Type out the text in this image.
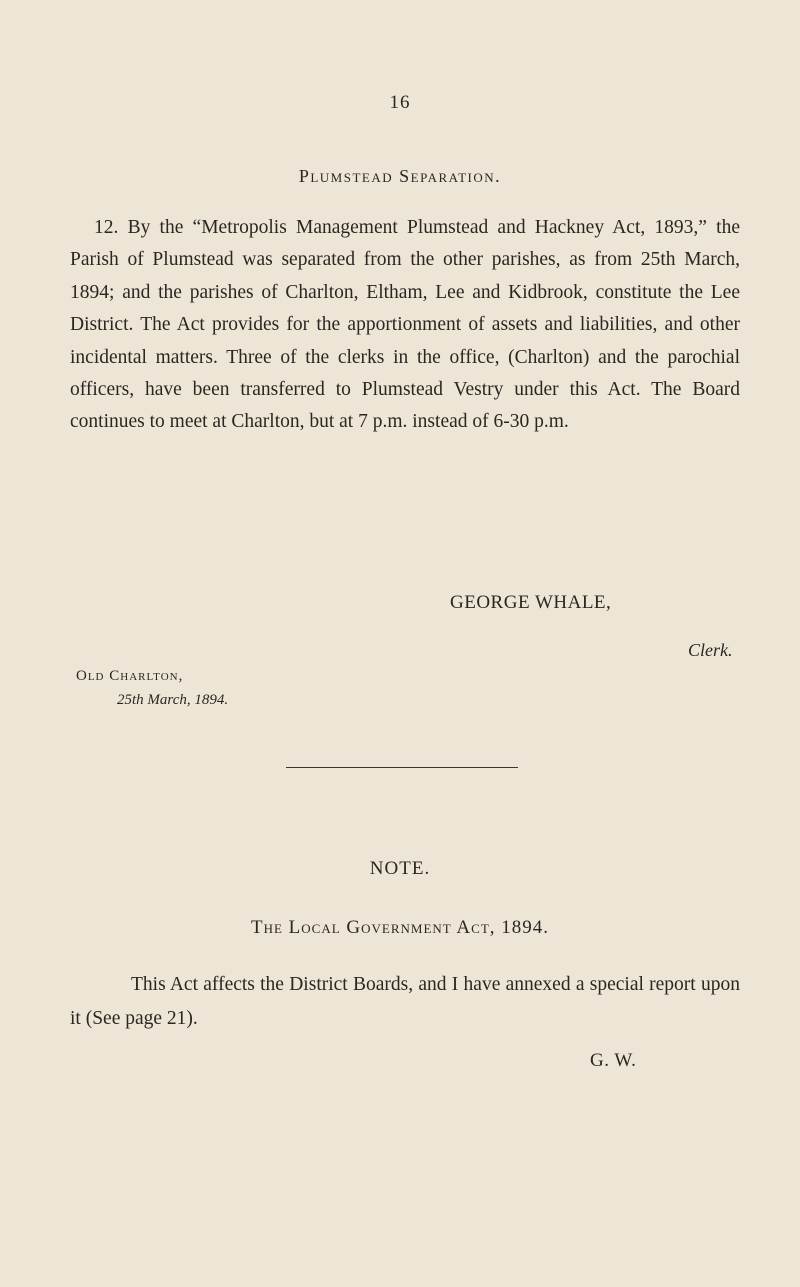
16
Plumstead Separation.

12. By the “Metropolis Management Plumstead and Hackney Act, 1893,” the Parish of Plumstead was separated from the other parishes, as from 25th March, 1894; and the parishes of Charlton, Eltham, Lee and Kidbrook, constitute the Lee District. The Act provides for the apportionment of assets and liabilities, and other incidental matters. Three of the clerks in the office, (Charlton) and the parochial officers, have been transferred to Plumstead Vestry under this Act. The Board continues to meet at Charlton, but at 7 p.m. instead of 6-30 p.m.

GEORGE WHALE,
Clerk.
Old Charlton,
25th March, 1894.
NOTE.
The Local Government Act, 1894.

This Act affects the District Boards, and I have annexed a special report upon it (See page 21).

G. W.
